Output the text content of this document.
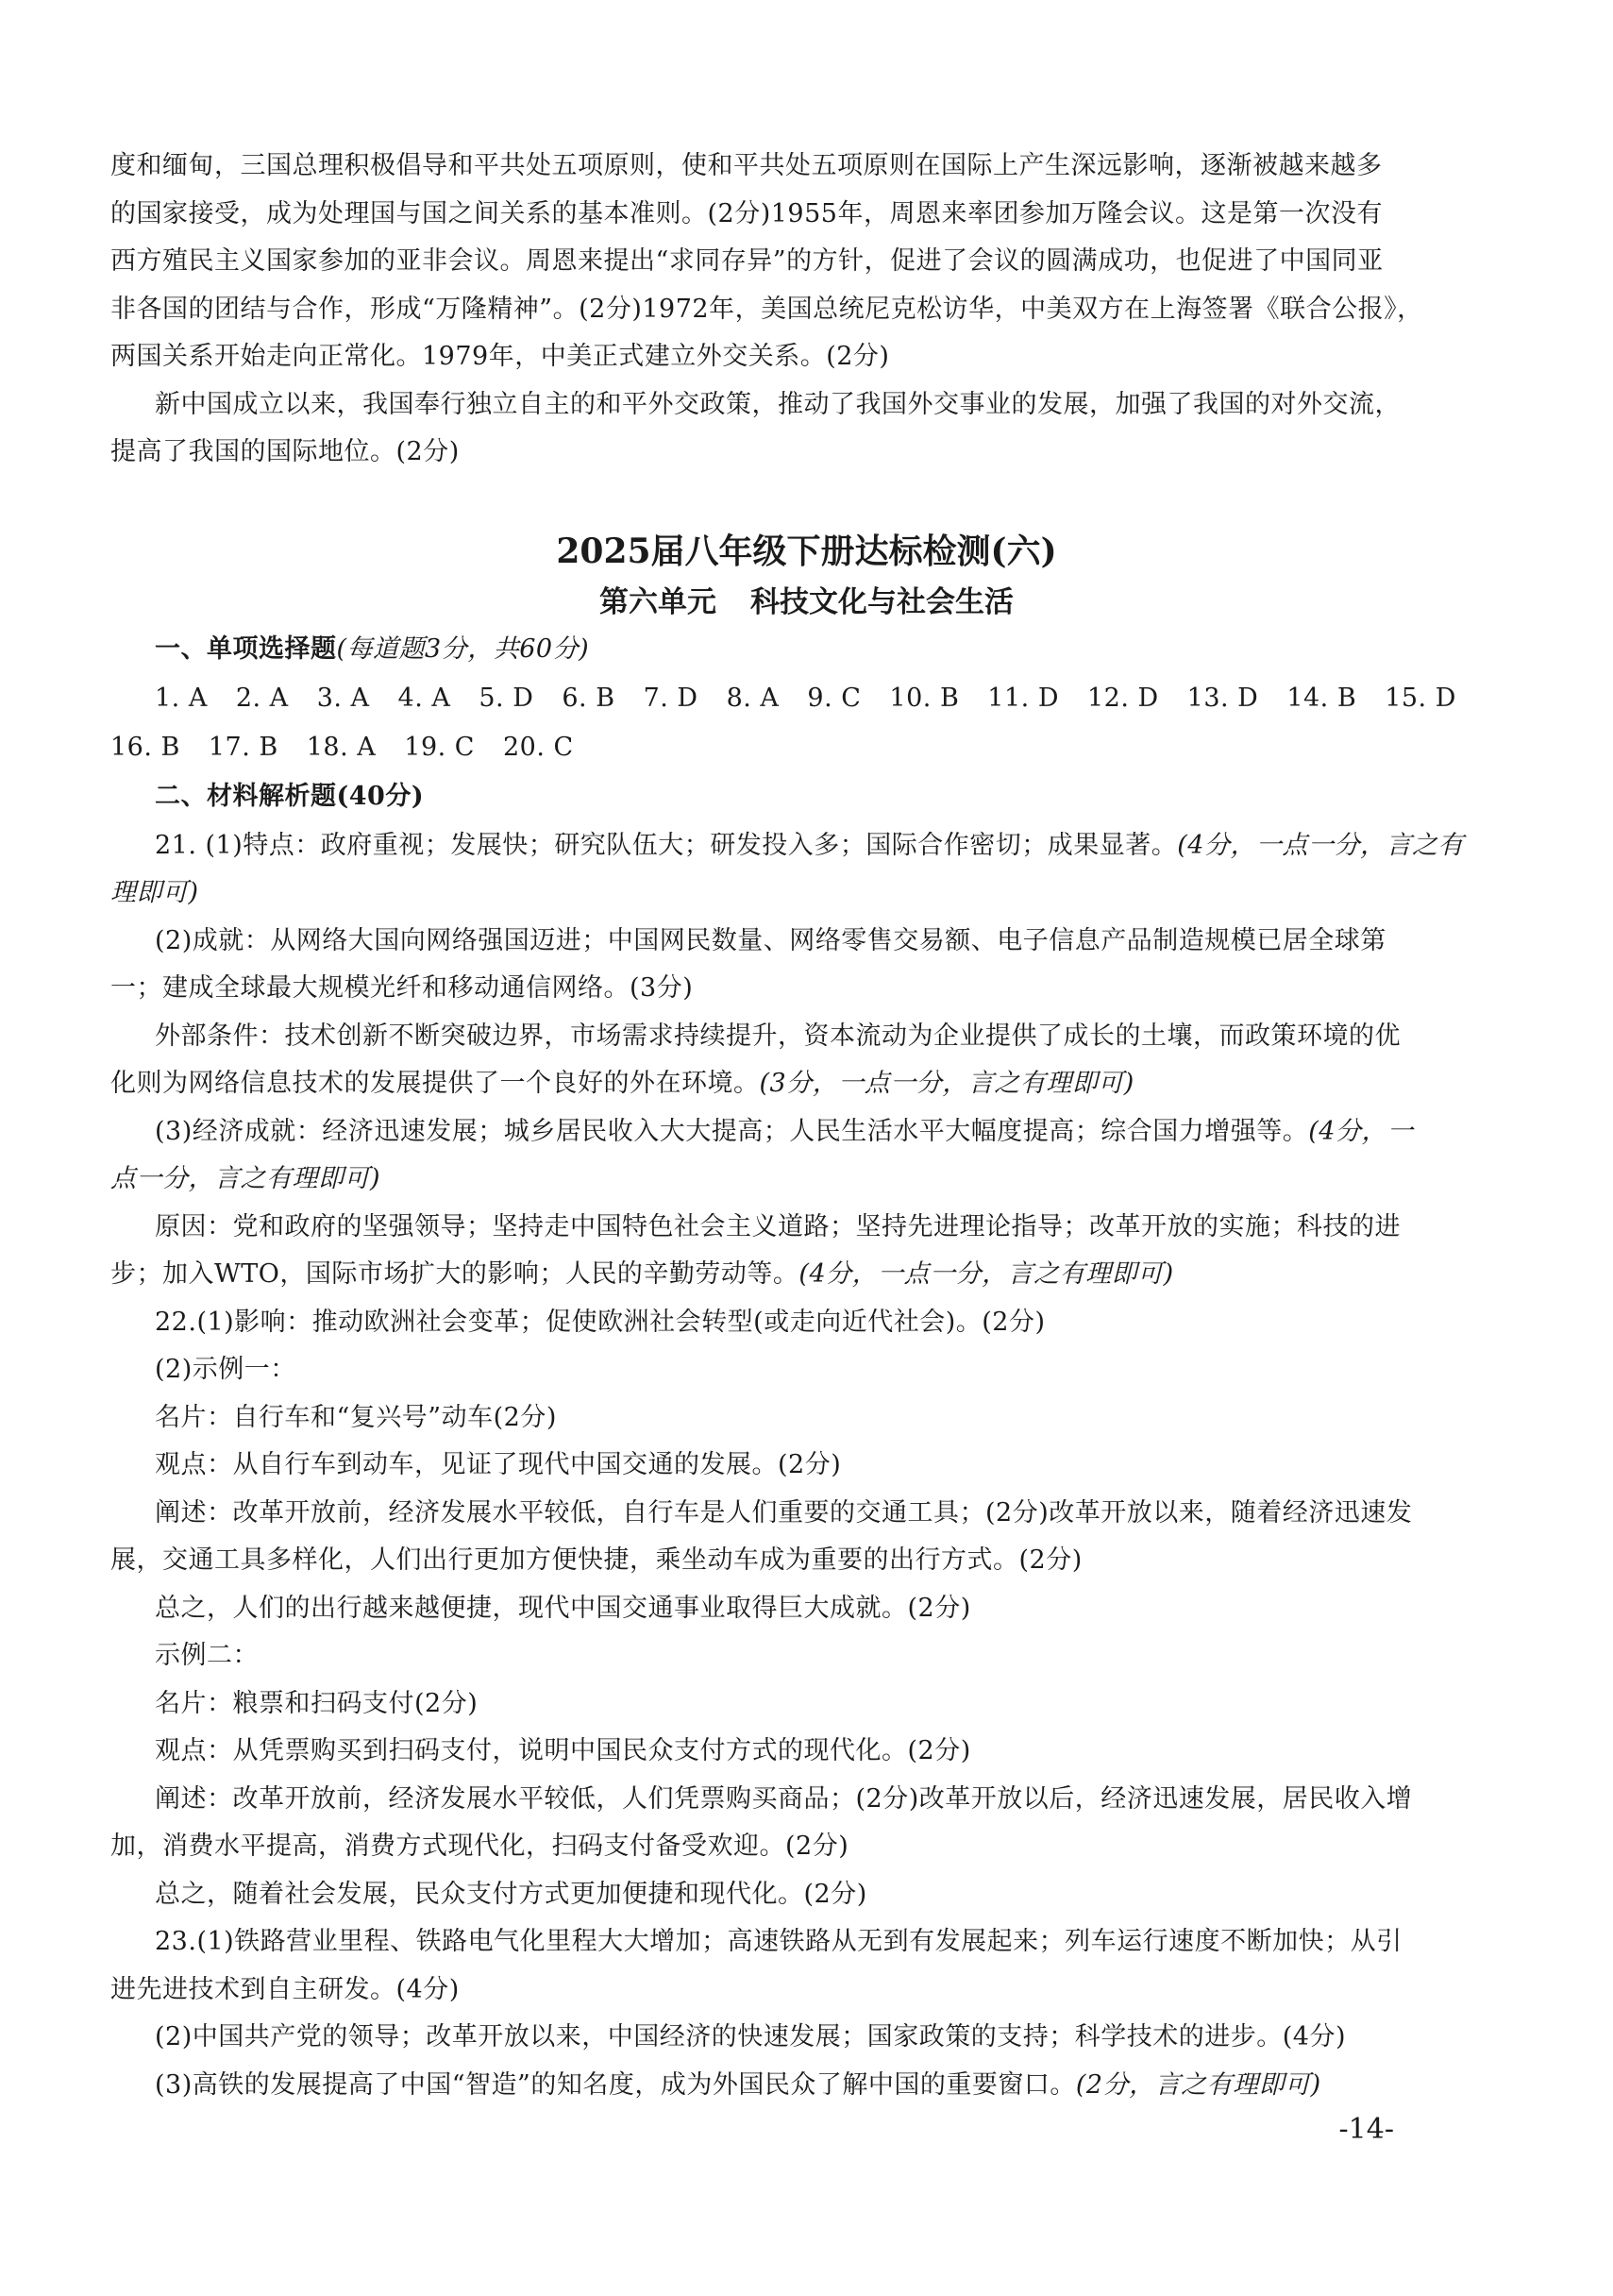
度和缅甸，三国总理积极倡导和平共处五项原则，使和平共处五项原则在国际上产生深远影响，逐渐被越来越多
的国家接受，成为处理国与国之间关系的基本准则。(2分)1955年，周恩来率团参加万隆会议。这是第一次没有
西方殖民主义国家参加的亚非会议。周恩来提出“求同存异”的方针，促进了会议的圆满成功，也促进了中国同亚
非各国的团结与合作，形成“万隆精神”。(2分)1972年，美国总统尼克松访华，中美双方在上海签署《联合公报》，
两国关系开始走向正常化。1979年，中美正式建立外交关系。(2分)
新中国成立以来，我国奉行独立自主的和平外交政策，推动了我国外交事业的发展，加强了我国的对外交流，
提高了我国的国际地位。(2分)
2025届八年级下册达标检测(六)
第六单元 科技文化与社会生活
一、单项选择题(每道题3分，共60分)
1. A 2. A 3. A 4. A 5. D 6. B 7. D 8. A 9. C 10. B 11. D 12. D 13. D 14. B 15. D
16. B 17. B 18. A 19. C 20. C
二、材料解析题(40分)
21. (1)特点：政府重视；发展快；研究队伍大；研发投入多；国际合作密切；成果显著。(4分，一点一分，言之有
理即可)
(2)成就：从网络大国向网络强国迈进；中国网民数量、网络零售交易额、电子信息产品制造规模已居全球第
一；建成全球最大规模光纤和移动通信网络。(3分)
外部条件：技术创新不断突破边界，市场需求持续提升，资本流动为企业提供了成长的土壤，而政策环境的优
化则为网络信息技术的发展提供了一个良好的外在环境。(3分，一点一分，言之有理即可)
(3)经济成就：经济迅速发展；城乡居民收入大大提高；人民生活水平大幅度提高；综合国力增强等。(4分，一
点一分，言之有理即可)
原因：党和政府的坚强领导；坚持走中国特色社会主义道路；坚持先进理论指导；改革开放的实施；科技的进
步；加入WTO，国际市场扩大的影响；人民的辛勤劳动等。(4分，一点一分，言之有理即可)
22.(1)影响：推动欧洲社会变革；促使欧洲社会转型(或走向近代社会)。(2分)
(2)示例一：
名片：自行车和“复兴号”动车(2分)
观点：从自行车到动车，见证了现代中国交通的发展。(2分)
阐述：改革开放前，经济发展水平较低，自行车是人们重要的交通工具；(2分)改革开放以来，随着经济迅速发
展，交通工具多样化，人们出行更加方便快捷，乘坐动车成为重要的出行方式。(2分)
总之，人们的出行越来越便捷，现代中国交通事业取得巨大成就。(2分)
示例二：
名片：粮票和扫码支付(2分)
观点：从凭票购买到扫码支付，说明中国民众支付方式的现代化。(2分)
阐述：改革开放前，经济发展水平较低，人们凭票购买商品；(2分)改革开放以后，经济迅速发展，居民收入增
加，消费水平提高，消费方式现代化，扫码支付备受欢迎。(2分)
总之，随着社会发展，民众支付方式更加便捷和现代化。(2分)
23.(1)铁路营业里程、铁路电气化里程大大增加；高速铁路从无到有发展起来；列车运行速度不断加快；从引
进先进技术到自主研发。(4分)
(2)中国共产党的领导；改革开放以来，中国经济的快速发展；国家政策的支持；科学技术的进步。(4分)
(3)高铁的发展提高了中国“智造”的知名度，成为外国民众了解中国的重要窗口。(2分，言之有理即可)
-14-
